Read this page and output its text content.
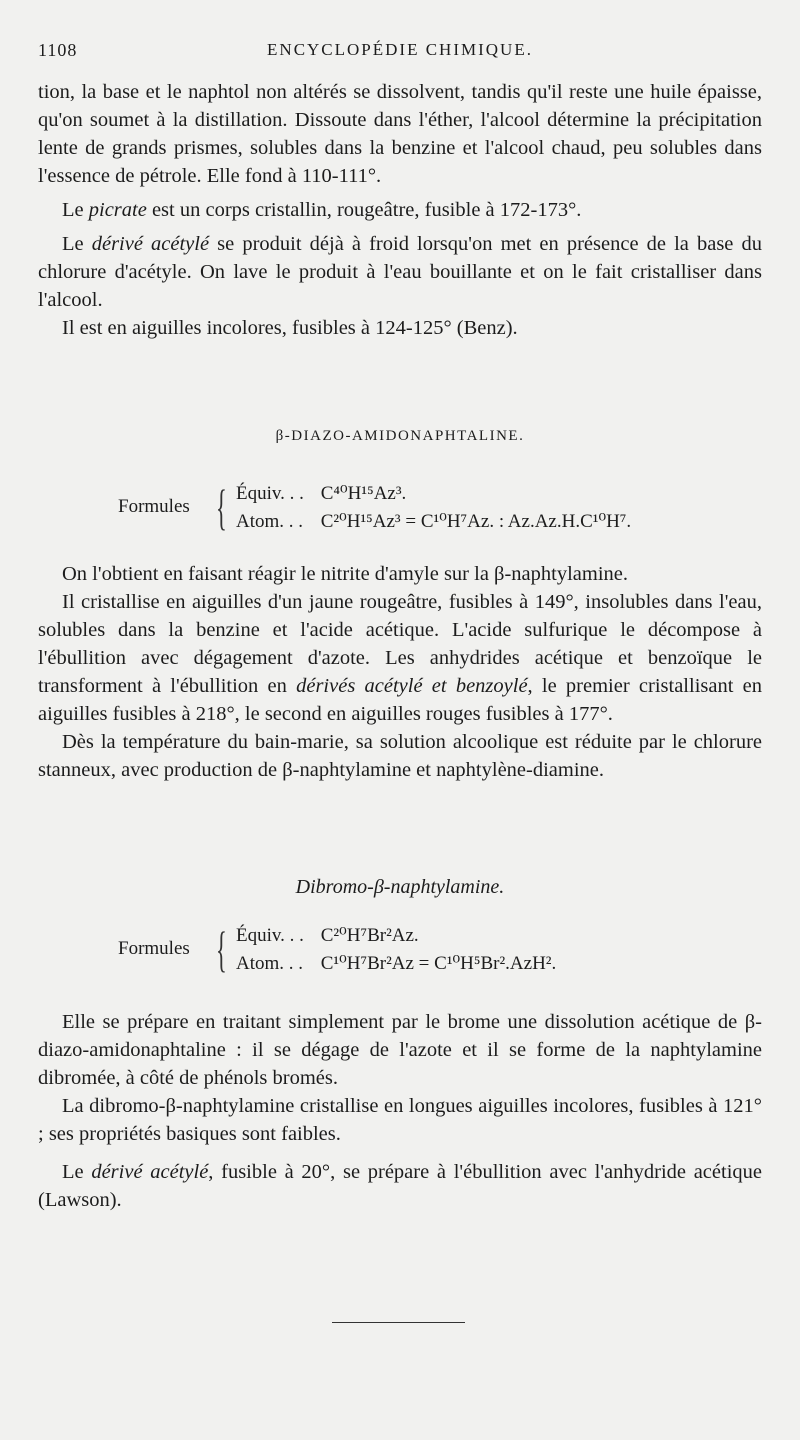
1108	ENCYCLOPÉDIE CHIMIQUE.

tion, la base et le naphtol non altérés se dissolvent, tandis qu'il reste une huile épaisse, qu'on soumet à la distillation. Dissoute dans l'éther, l'alcool détermine la précipitation lente de grands prismes, solubles dans la benzine et l'alcool chaud, peu solubles dans l'essence de pétrole. Elle fond à 110-111°.

Le picrate est un corps cristallin, rougeâtre, fusible à 172-173°.

Le dérivé acétylé se produit déjà à froid lorsqu'on met en présence de la base du chlorure d'acétyle. On lave le produit à l'eau bouillante et on le fait cristalliser dans l'alcool.

Il est en aiguilles incolores, fusibles à 124-125° (Benz).

β-DIAZO-AMIDONAPHTALINE.
Formules { Équiv. . . C⁴⁰H¹⁵Az³.
Atom. . . C²⁰H¹⁵Az³ = C¹⁰H⁷Az. : Az.Az.H.C¹⁰H⁷.

On l'obtient en faisant réagir le nitrite d'amyle sur la β-naphtylamine.

Il cristallise en aiguilles d'un jaune rougeâtre, fusibles à 149°, insolubles dans l'eau, solubles dans la benzine et l'acide acétique. L'acide sulfurique le décompose à l'ébullition avec dégagement d'azote. Les anhydrides acétique et benzoïque le transforment à l'ébullition en dérivés acétylé et benzoylé, le premier cristallisant en aiguilles fusibles à 218°, le second en aiguilles rouges fusibles à 177°.

Dès la température du bain-marie, sa solution alcoolique est réduite par le chlorure stanneux, avec production de β-naphtylamine et naphtylène-diamine.

Dibromo-β-naphtylamine.
Formules { Équiv. . . C²⁰H⁷Br²Az.
Atom. . . C¹⁰H⁷Br²Az = C¹⁰H⁵Br².AzH².

Elle se prépare en traitant simplement par le brome une dissolution acétique de β-diazo-amidonaphtaline : il se dégage de l'azote et il se forme de la naphtylamine dibromée, à côté de phénols bromés.

La dibromo-β-naphtylamine cristallise en longues aiguilles incolores, fusibles à 121° ; ses propriétés basiques sont faibles.

Le dérivé acétylé, fusible à 20°, se prépare à l'ébullition avec l'anhydride acétique (Lawson).
